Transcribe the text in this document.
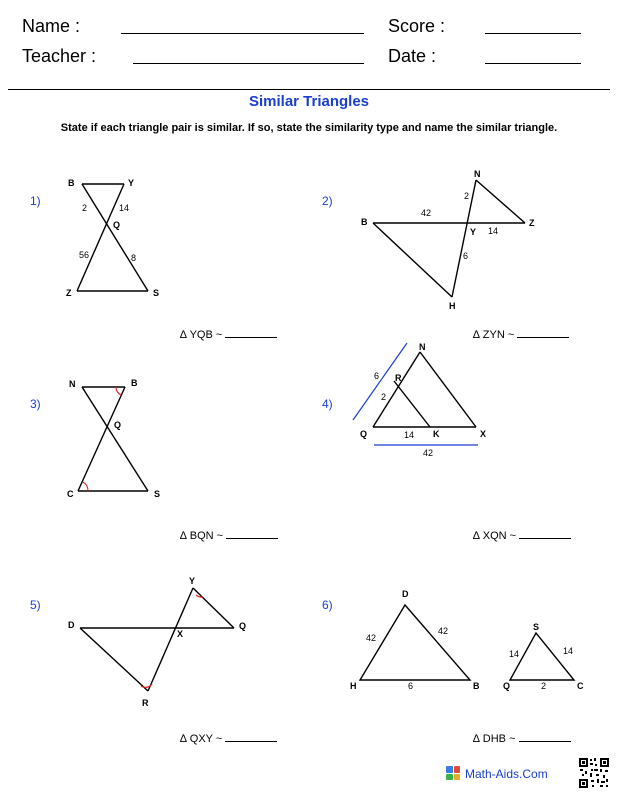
Name :	Score :
Teacher :	Date :
Similar Triangles
State if each triangle pair is similar. If so, state the similarity type and name the similar triangle.
1)	2)
3)	4)
5)	6)
∆ YQB ~	∆ ZYN ~
∆ BQN ~	∆ XQN ~
∆ QXY ~	∆ DHB ~
B	Y
Q
Z	S
2	14
56	8
N
B
Y
Z
H
2
42
14
6
N	B
Q
C	S
N
R
Q	K	X
6
2
14
42
Y
D
X
Q
R
D
H	B
S
Q	C
42
42
6
14	14
2
Math-Aids.Com
